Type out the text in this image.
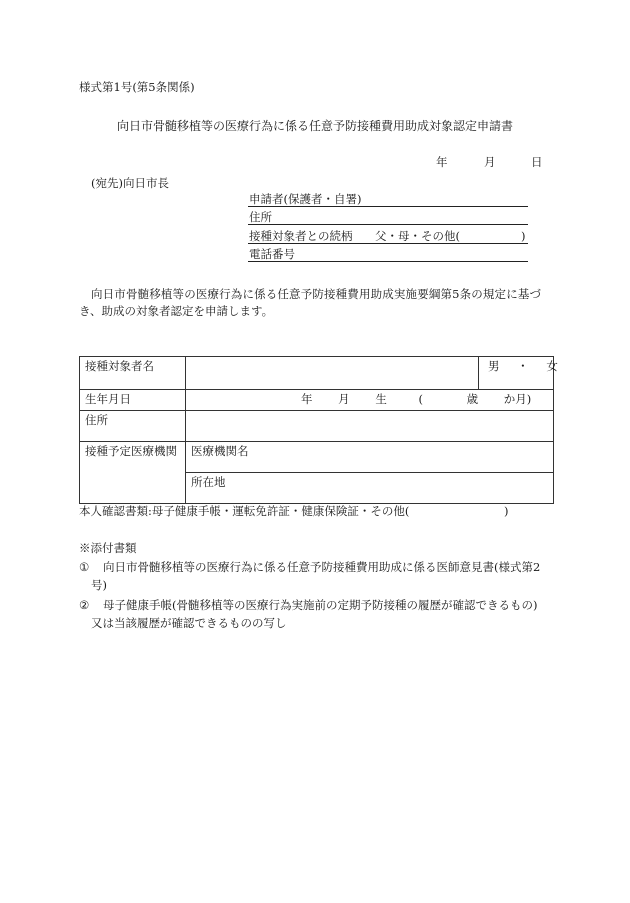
様式第1号(第5条関係)
向日市骨髄移植等の医療行為に係る任意予防接種費用助成対象認定申請書
年	月	日
(宛先)向日市長
申請者(保護者・自署)
住所
接種対象者との続柄 父・母・その他(	)
電話番号
向日市骨髄移植等の医療行為に係る任意予防接種費用助成実施要綱第5条の規定に基づ
き、助成の対象者認定を申請します。
接種対象者名		男 ・ 女
生年月日	年 月 生 ( 歳 か月)	

住所		
接種予定医療機関	医療機関名	
	所在地	
本人確認書類:母子健康手帳・運転免許証・健康保険証・その他(	)
※添付書類
① 向日市骨髄移植等の医療行為に係る任意予防接種費用助成に係る医師意見書(様式第2
号)
② 母子健康手帳(骨髄移植等の医療行為実施前の定期予防接種の履歴が確認できるもの)
又は当該履歴が確認できるものの写し
